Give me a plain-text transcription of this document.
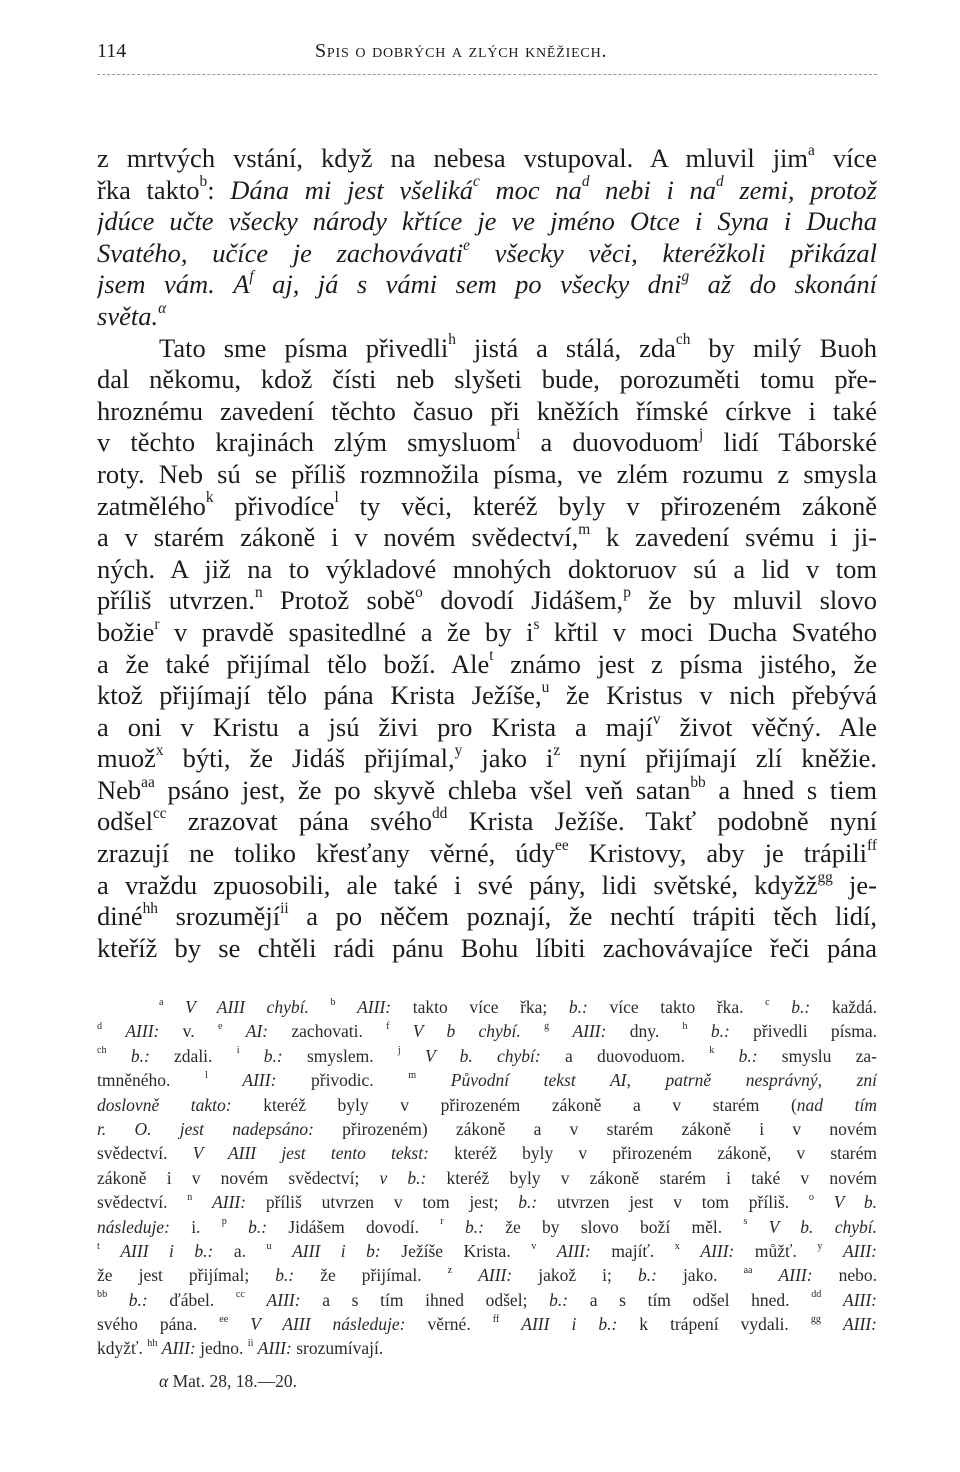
114	Spis o dobrých a zlých kněžiech.
z mrtvých vstání, když na nebesa vstupoval. A mluvil jim$^a$ více
řka takto$^b$: Dána mi jest všeliká$^c$ moc $na^d$ nebi i $na^d$ zemi, protož
jdúce učte všecky národy křtíce je ve jméno Otce i Syna i Ducha
Svatého, učíce je zachovávati$^e$ všecky věci, kteréžkoli přikázal
jsem vám. $A^f$ aj, já s vámi sem po všecky dni$^g$ až do skonání
světa.$^\alpha$
Tato sme písma přivedli$^h$ jistá a stálá, zda$^{ch}$ by milý Buoh
dal někomu, kdož čísti neb slyšeti bude, porozuměti tomu pře-
hroznému zavedení těchto časuo při kněžích římské církve i také
v těchto krajinách zlým smysluom$^i$ a duovoduom$^j$ lidí Táborské
roty. Neb sú se příliš rozmnožila písma, ve zlém rozumu z smysla
zatmělého$^k$ přivodíce$^l$ ty věci, kteréž byly v přirozeném zákoně
a v starém zákoně i v novém svědectví,$^m$ k zavedení svému i ji-
ných. A již na to výkladové mnohých doktoruov sú a lid v tom
příliš utvrzen.$^n$ Protož sobě$^o$ dovodí Jidášem,$^p$ že by mluvil slovo
božie$^r$ v pravdě spasitedlné a že by $i^s$ křtil v moci Ducha Svatého
a že také přijímal tělo boží. Ale$^t$ známo jest z písma jistého, že
ktož přijímají tělo pána Krista Ježíše,$^u$ že Kristus v nich přebývá
a oni v Kristu a jsú živi pro Krista a mají$^v$ život věčný. Ale
muož$^x$ býti, že Jidáš přijímal,$^y$ jako $i^z$ nyní přijímají zlí kněžie.
Neb$^{aa}$ psáno jest, že po skyvě chleba všel veň satan$^{bb}$ a hned s tiem
odšel$^{cc}$ zrazovat pána svého$^{dd}$ Krista Ježíše. Takť podobně nyní
zrazují ne toliko křesťany věrné, údy$^{ee}$ Kristovy, aby je trápili$^{ff}$
a vraždu zpuosobili, ale také i své pány, lidi světské, kdyžž$^{gg}$ je-
diné$^{hh}$ srozumějí$^{ii}$ a po něčem poznají, že nechtí trápiti těch lidí,
kteříž by se chtěli rádi pánu Bohu líbiti zachovávajíce řeči pána
$^a$ V AIII chybí. $^b$ AIII: takto více řka; b.: více takto řka. $^c$ b.: každá.
$^d$ AIII: v. $^e$ AI: zachovati. $^f$ V b chybí. $^g$ AIII: dny. $^h$ b.: přivedli písma.
$^{ch}$ b.: zdali. $^i$ b.: smyslem. $^j$ V b. chybí: a duovoduom. $^k$ b.: smyslu za-
tmněného. $^l$ AIII: přivodic. $^m$ Původní tekst AI, patrně nesprávný, zní
doslovně takto: kteréž byly v přirozeném zákoně a v starém (nad tím
r. O. jest nadepsáno: přirozeném) zákoně a v starém zákoně i v novém
svědectví. V AIII jest tento tekst: kteréž byly v přirozeném zákoně, v starém
zákoně i v novém svědectví; v b.: kteréž byly v zákoně starém i také v novém
svědectví. $^n$ AIII: příliš utvrzen v tom jest; b.: utvrzen jest v tom příliš. $^o$ V b.
následuje: i. $^p$ b.: Jidášem dovodí. $^r$ b.: že by slovo boží měl. $^s$ V b. chybí.
$^t$ AIII i b.: a. $^u$ AIII i b: Ježíše Krista. $^v$ AIII: majíť. $^x$ AIII: můžť. $^y$ AIII:
že jest přijímal; b.: že přijímal. $^z$ AIII: jakož i; b.: jako. $^{aa}$ AIII: nebo.
$^{bb}$ b.: ďábel. $^{cc}$ AIII: a s tím ihned odšel; b.: a s tím odšel hned. $^{dd}$ AIII:
svého pána. $^{ee}$ V AIII následuje: věrné. $^{ff}$ AIII i b.: k trápení vydali. $^{gg}$ AIII:
kdyžť. $^{hh}$ AIII: jedno. $^{ii}$ AIII: srozumívají.
α Mat. 28, 18.—20.
